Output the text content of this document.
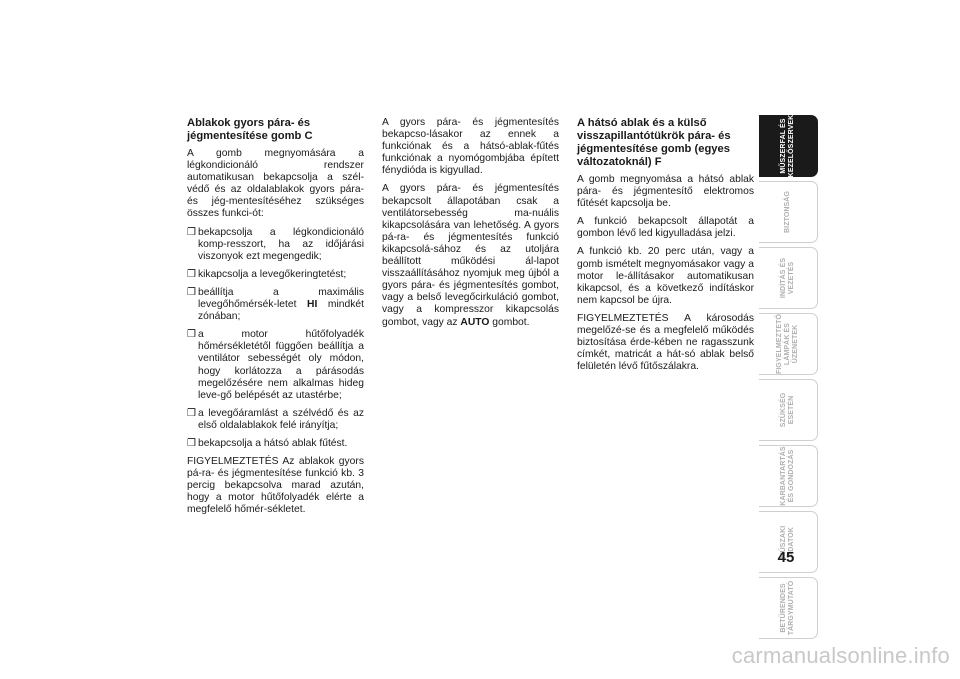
Ablakok gyors pára- és jégmentesítése gomb C

A gomb megnyomására a légkondicionáló rendszer automatikusan bekapcsolja a szél-védő és az oldalablakok gyors pára- és jég-mentesítéséhez szükséges összes funkci-ót:

❒ bekapcsolja a légkondicionáló komp-resszort, ha az időjárási viszonyok ezt megengedik;
❒ kikapcsolja a levegőkeringtetést;
❒ beállítja a maximális levegőhőmérsék-letet HI mindkét zónában;
❒ a motor hűtőfolyadék hőmérsékletétől függően beállítja a ventilátor sebességét oly módon, hogy korlátozza a párásodás megelőzésére nem alkalmas hideg leve-gő belépését az utastérbe;
❒ a levegőáramlást a szélvédő és az első oldalablakok felé irányítja;
❒ bekapcsolja a hátsó ablak fűtést.

FIGYELMEZTETÉS Az ablakok gyors pá-ra- és jégmentesítése funkció kb. 3 percig bekapcsolva marad azután, hogy a motor hűtőfolyadék elérte a megfelelő hőmér-sékletet.

A gyors pára- és jégmentesítés bekapcso-lásakor az ennek a funkciónak és a hátsó-ablak-fűtés funkciónak a nyomógombjába épített fénydióda is kigyullad.

A gyors pára- és jégmentesítés bekapcsolt állapotában csak a ventilátorsebesség ma-nuális kikapcsolására van lehetőség. A gyors pá-ra- és jégmentesítés funkció kikapcsolá-sához és az utoljára beállított működési ál-lapot visszaállításához nyomjuk meg újból a gyors pára- és jégmentesítés gombot, vagy a belső levegőcirkuláció gombot, vagy a kompresszor kikapcsolás gombot, vagy az AUTO gombot.

A hátsó ablak és a külső visszapillantótükrök pára- és jégmentesítése gomb (egyes változatoknál) F

A gomb megnyomása a hátsó ablak pára- és jégmentesítő elektromos fűtését kapcsolja be.

A funkció bekapcsolt állapotát a gombon lévő led kigyulladása jelzi.

A funkció kb. 20 perc után, vagy a gomb ismételt megnyomásakor vagy a motor le-állításakor automatikusan kikapcsol, és a következő indításkor nem kapcsol be újra.

FIGYELMEZTETÉS A károsodás megelőzé-se és a megfelelő működés biztosítása érde-kében ne ragasszunk címkét, matricát a hát-só ablak belső felületén lévő fűtőszálakra.

MŰSZERFAL ÉS
KEZELŐSZERVEK
BIZTONSÁG
INDÍTÁS ÉS
VEZETÉS
FIGYELMEZTETŐ
LÁMPÁK ÉS
ÜZENETEK
SZÜKSÉG
ESETÉN
KARBANTARTÁS
ÉS GONDOZÁS
MŰSZAKI
ADATOK
BETŰRENDES
TÁRGYMUTATÓ
45
carmanualsonline.info
